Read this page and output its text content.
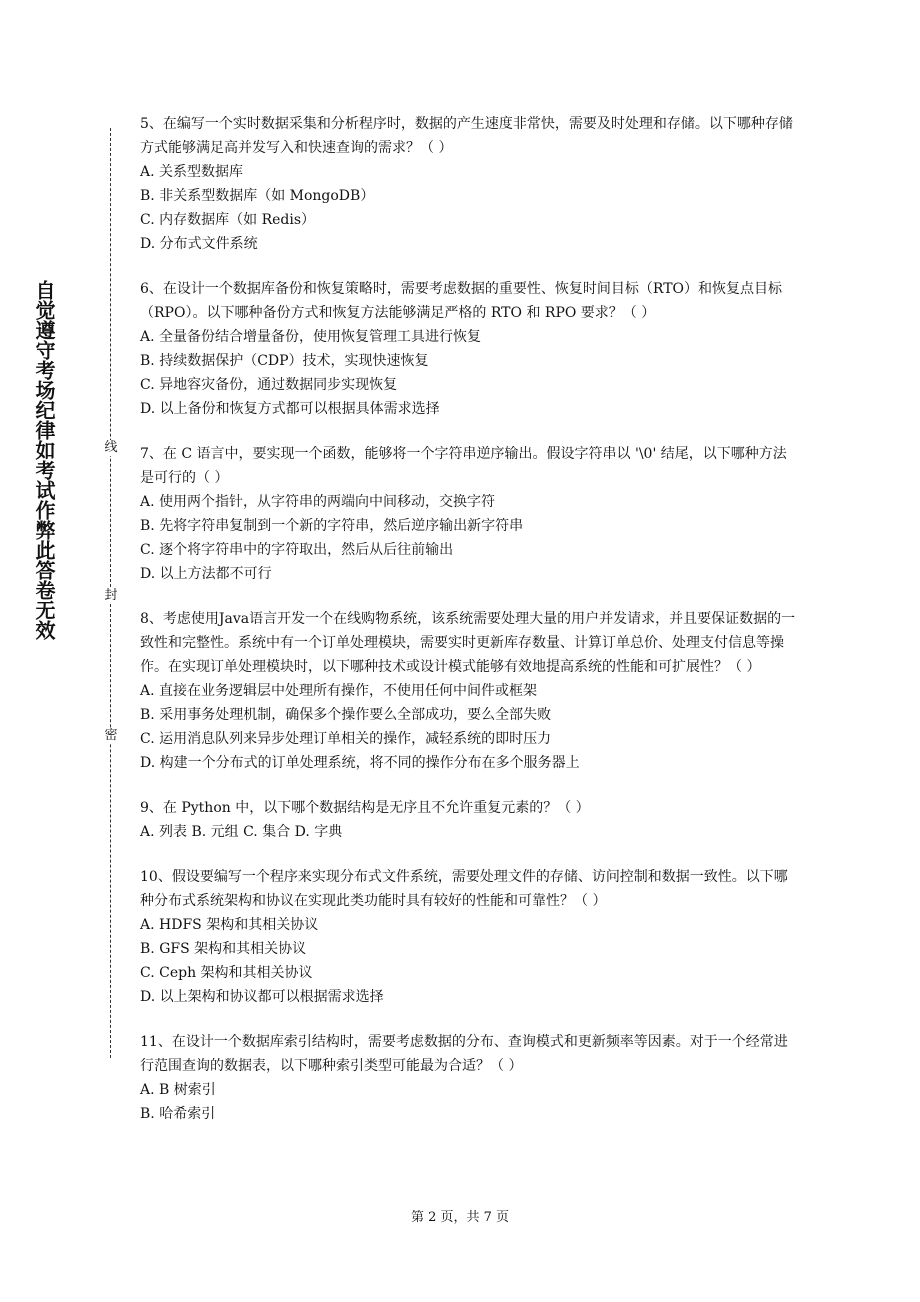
自觉遵守考场纪律如考试作弊此答卷无效	线
封
密

5、在编写一个实时数据采集和分析程序时，数据的产生速度非常快，需要及时处理和存储。以下哪种存储方式能够满足高并发写入和快速查询的需求？（ ）

A. 关系型数据库

B. 非关系型数据库（如 MongoDB）

C. 内存数据库（如 Redis）

D. 分布式文件系统

6、在设计一个数据库备份和恢复策略时，需要考虑数据的重要性、恢复时间目标（RTO）和恢复点目标（RPO）。以下哪种备份方式和恢复方法能够满足严格的 RTO 和 RPO 要求？（ ）

A. 全量备份结合增量备份，使用恢复管理工具进行恢复

B. 持续数据保护（CDP）技术，实现快速恢复

C. 异地容灾备份，通过数据同步实现恢复

D. 以上备份和恢复方式都可以根据具体需求选择

7、在 C 语言中，要实现一个函数，能够将一个字符串逆序输出。假设字符串以 '\0' 结尾，以下哪种方法是可行的（ ）

A. 使用两个指针，从字符串的两端向中间移动，交换字符

B. 先将字符串复制到一个新的字符串，然后逆序输出新字符串

C. 逐个将字符串中的字符取出，然后从后往前输出

D. 以上方法都不可行

8、考虑使用Java语言开发一个在线购物系统，该系统需要处理大量的用户并发请求，并且要保证数据的一致性和完整性。系统中有一个订单处理模块，需要实时更新库存数量、计算订单总价、处理支付信息等操作。在实现订单处理模块时，以下哪种技术或设计模式能够有效地提高系统的性能和可扩展性？（ ）

A. 直接在业务逻辑层中处理所有操作，不使用任何中间件或框架

B. 采用事务处理机制，确保多个操作要么全部成功，要么全部失败

C. 运用消息队列来异步处理订单相关的操作，减轻系统的即时压力

D. 构建一个分布式的订单处理系统，将不同的操作分布在多个服务器上

9、在 Python 中，以下哪个数据结构是无序且不允许重复元素的？（ ）

A. 列表 B. 元组 C. 集合 D. 字典

10、假设要编写一个程序来实现分布式文件系统，需要处理文件的存储、访问控制和数据一致性。以下哪种分布式系统架构和协议在实现此类功能时具有较好的性能和可靠性？（ ）

A. HDFS 架构和其相关协议

B. GFS 架构和其相关协议

C. Ceph 架构和其相关协议

D. 以上架构和协议都可以根据需求选择

11、在设计一个数据库索引结构时，需要考虑数据的分布、查询模式和更新频率等因素。对于一个经常进行范围查询的数据表，以下哪种索引类型可能最为合适？（ ）

A. B 树索引

B. 哈希索引

第 2 页，共 7 页
